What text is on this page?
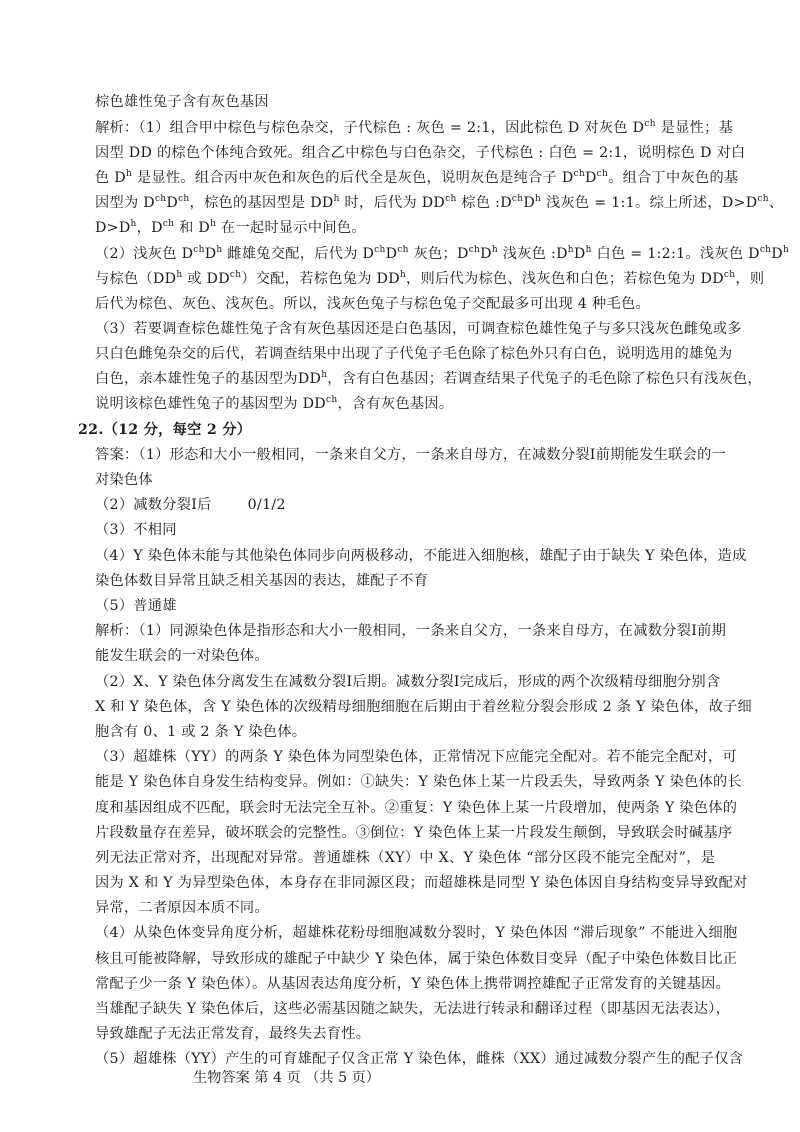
棕色雄性兔子含有灰色基因
解析：（1）组合甲中棕色与棕色杂交，子代棕色 : 灰色 = 2:1，因此棕色 D 对灰色 $D^{ch}$ 是显性；基
因型 DD 的棕色个体纯合致死。组合乙中棕色与白色杂交，子代棕色 : 白色 = 2:1，说明棕色 D 对白
色 $D^h$ 是显性。组合丙中灰色和灰色的后代全是灰色，说明灰色是纯合子 $D^{ch}D^{ch}$。组合丁中灰色的基
因型为 $D^{ch}D^{ch}$，棕色的基因型是 $DD^h$ 时，后代为 $DD^{ch}$ 棕色 $:D^{ch}D^h$ 浅灰色 = 1:1。综上所述，$D>D^{ch}$、
$D>D^h$，$D^{ch}$ 和 $D^h$ 在一起时显示中间色。
（2）浅灰色 $D^{ch}D^h$ 雌雄兔交配，后代为 $D^{ch}D^{ch}$ 灰色；$D^{ch}D^h$ 浅灰色 $:D^hD^h$ 白色 = 1:2:1。浅灰色 $D^{ch}D^h$
与棕色（$DD^h$ 或 $DD^{ch}$）交配，若棕色兔为 $DD^h$，则后代为棕色、浅灰色和白色；若棕色兔为 $DD^{ch}$，则
后代为棕色、灰色、浅灰色。所以，浅灰色兔子与棕色兔子交配最多可出现 4 种毛色。
（3）若要调查棕色雄性兔子含有灰色基因还是白色基因，可调查棕色雄性兔子与多只浅灰色雌兔或多
只白色雌兔杂交的后代，若调查结果中出现了子代兔子毛色除了棕色外只有白色，说明选用的雄兔为
白色，亲本雄性兔子的基因型为$DD^h$，含有白色基因；若调查结果子代兔子的毛色除了棕色只有浅灰色，
说明该棕色雄性兔子的基因型为 $DD^{ch}$，含有灰色基因。
22.（12 分，每空 2 分）
答案：（1）形态和大小一般相同，一条来自父方，一条来自母方，在减数分裂Ⅰ前期能发生联会的一
对染色体
（2）减数分裂Ⅰ后	0/1/2
（3）不相同
（4）Y 染色体未能与其他染色体同步向两极移动，不能进入细胞核，雄配子由于缺失 Y 染色体，造成
染色体数目异常且缺乏相关基因的表达，雄配子不育
（5）普通雄
解析：（1）同源染色体是指形态和大小一般相同，一条来自父方，一条来自母方，在减数分裂Ⅰ前期
能发生联会的一对染色体。
（2）X、Y 染色体分离发生在减数分裂Ⅰ后期。减数分裂Ⅰ完成后，形成的两个次级精母细胞分别含
X 和 Y 染色体，含 Y 染色体的次级精母细胞细胞在后期由于着丝粒分裂会形成 2 条 Y 染色体，故子细
胞含有 0、1 或 2 条 Y 染色体。
（3）超雄株（YY）的两条 Y 染色体为同型染色体，正常情况下应能完全配对。若不能完全配对，可
能是 Y 染色体自身发生结构变异。例如：①缺失：Y 染色体上某一片段丢失，导致两条 Y 染色体的长
度和基因组成不匹配，联会时无法完全互补。②重复：Y 染色体上某一片段增加，使两条 Y 染色体的
片段数量存在差异，破坏联会的完整性。③倒位：Y 染色体上某一片段发生颠倒，导致联会时碱基序
列无法正常对齐，出现配对异常。普通雄株（XY）中 X、Y 染色体 “部分区段不能完全配对”，是
因为 X 和 Y 为异型染色体，本身存在非同源区段；而超雄株是同型 Y 染色体因自身结构变异导致配对
异常，二者原因本质不同。
（4）从染色体变异角度分析，超雄株花粉母细胞减数分裂时，Y 染色体因 “滞后现象” 不能进入细胞
核且可能被降解，导致形成的雄配子中缺少 Y 染色体，属于染色体数目变异（配子中染色体数目比正
常配子少一条 Y 染色体）。从基因表达角度分析，Y 染色体上携带调控雄配子正常发育的关键基因。
当雄配子缺失 Y 染色体后，这些必需基因随之缺失，无法进行转录和翻译过程（即基因无法表达），
导致雄配子无法正常发育，最终失去育性。
（5）超雄株（YY）产生的可育雄配子仅含正常 Y 染色体，雌株（XX）通过减数分裂产生的配子仅含
生物答案 第 4 页 （共 5 页）
